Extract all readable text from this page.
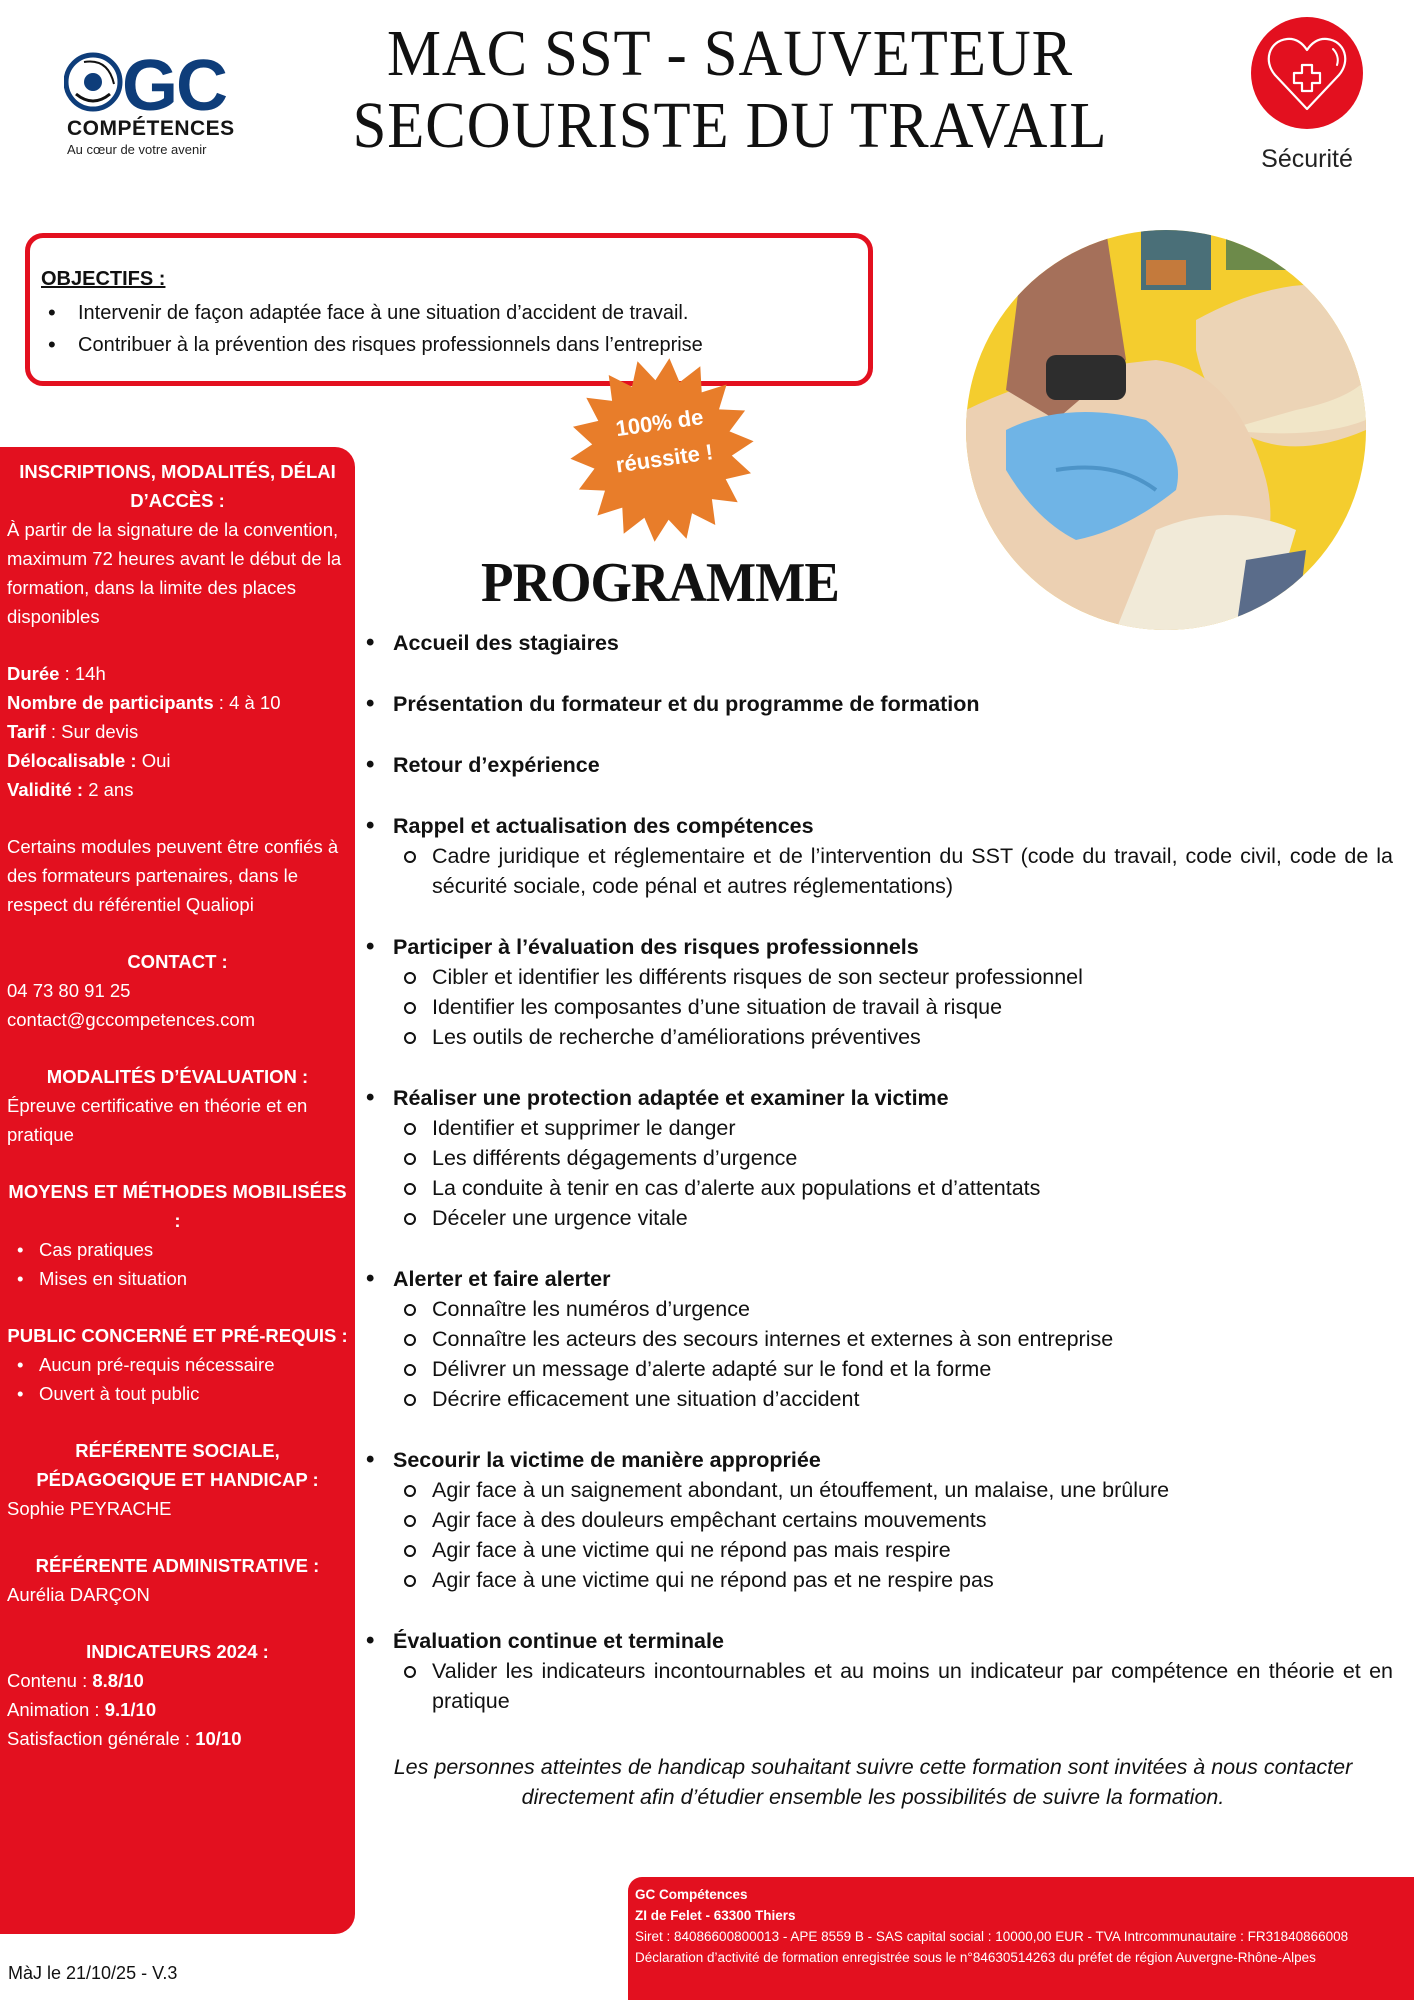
GC
COMPÉTENCES
Au cœur de votre avenir
MAC SST - SAUVETEUR
SECOURISTE DU TRAVAIL	Sécurité
OBJECTIFS :
• Intervenir de façon adaptée face à une situation d’accident de travail.
• Contribuer à la prévention des risques professionnels dans l’entreprise
100% de
réussite !
INSCRIPTIONS, MODALITÉS, DÉLAI D’ACCÈS :
À partir de la signature de la convention, maximum 72 heures avant le début de la formation, dans la limite des places disponibles
Durée : 14h
Nombre de participants : 4 à 10
Tarif : Sur devis
Délocalisable : Oui
Validité : 2 ans
Certains modules peuvent être confiés à des formateurs partenaires, dans le respect du référentiel Qualiopi
CONTACT :
04 73 80 91 25
contact@gccompetences.com
MODALITÉS D’ÉVALUATION :
Épreuve certificative en théorie et en pratique
MOYENS ET MÉTHODES MOBILISÉES :
• Cas pratiques
• Mises en situation
PUBLIC CONCERNÉ ET PRÉ-REQUIS :
• Aucun pré-requis nécessaire
• Ouvert à tout public
RÉFÉRENTE SOCIALE, PÉDAGOGIQUE ET HANDICAP :
Sophie PEYRACHE
RÉFÉRENTE ADMINISTRATIVE :
Aurélia DARÇON
INDICATEURS 2024 :
Contenu : 8.8/10
Animation : 9.1/10
Satisfaction générale : 10/10
PROGRAMME
• Accueil des stagiaires
• Présentation du formateur et du programme de formation
• Retour d’expérience
• Rappel et actualisation des compétences
Cadre juridique et réglementaire et de l’intervention du SST (code du travail, code civil, code de la sécurité sociale, code pénal et autres réglementations)
• Participer à l’évaluation des risques professionnels
Cibler et identifier les différents risques de son secteur professionnel
Identifier les composantes d’une situation de travail à risque
Les outils de recherche d’améliorations préventives
• Réaliser une protection adaptée et examiner la victime
Identifier et supprimer le danger
Les différents dégagements d’urgence
La conduite à tenir en cas d’alerte aux populations et d’attentats
Déceler une urgence vitale
• Alerter et faire alerter
Connaître les numéros d’urgence
Connaître les acteurs des secours internes et externes à son entreprise
Délivrer un message d’alerte adapté sur le fond et la forme
Décrire efficacement une situation d’accident
• Secourir la victime de manière appropriée
Agir face à un saignement abondant, un étouffement, un malaise, une brûlure
Agir face à des douleurs empêchant certains mouvements
Agir face à une victime qui ne répond pas mais respire
Agir face à une victime qui ne répond pas et ne respire pas
• Évaluation continue et terminale
Valider les indicateurs incontournables et au moins un indicateur par compétence en théorie et en pratique

Les personnes atteintes de handicap souhaitant suivre cette formation sont invitées à nous contacter directement afin d’étudier ensemble les possibilités de suivre la formation.

GC Compétences
ZI de Felet - 63300 Thiers
Siret : 84086600800013 - APE 8559 B - SAS capital social : 10000,00 EUR - TVA Intrcommunautaire : FR31840866008
Déclaration d’activité de formation enregistrée sous le n°84630514263 du préfet de région Auvergne-Rhône-Alpes
MàJ le 21/10/25 - V.3
